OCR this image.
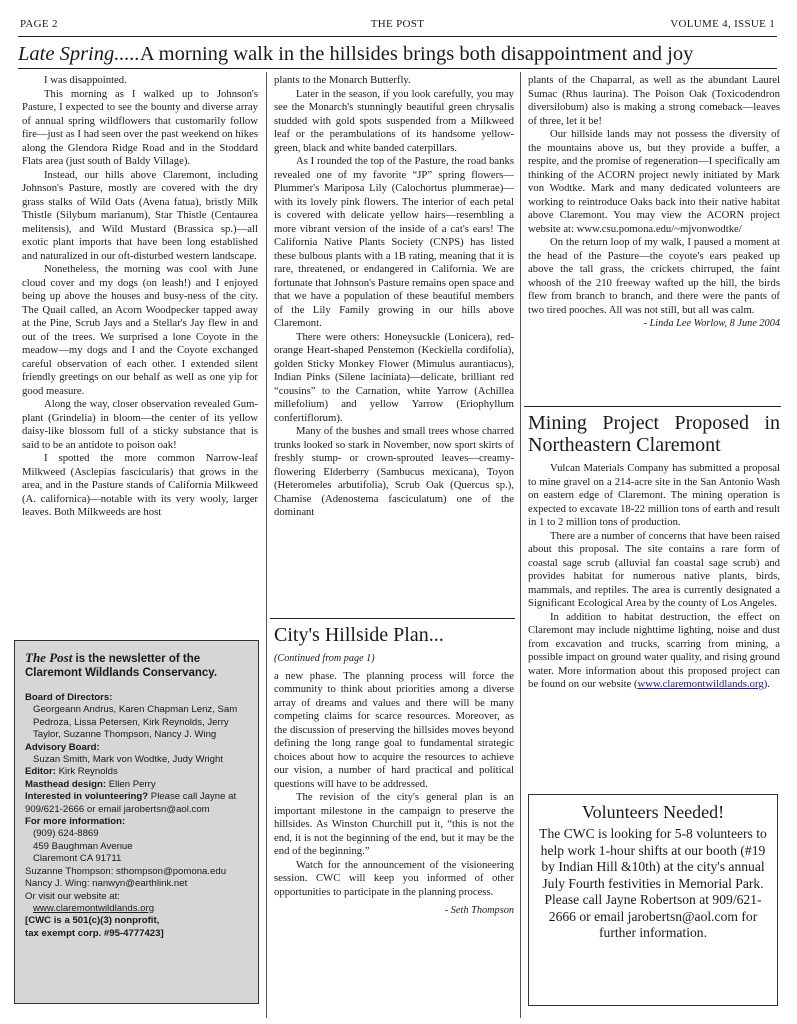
PAGE 2	THE POST	VOLUME 4, ISSUE 1
Late Spring.....A morning walk in the hillsides brings both disappointment and joy

I was disappointed.

This morning as I walked up to Johnson's Pasture, I expected to see the bounty and diverse array of annual spring wildflowers that customarily follow fire—just as I had seen over the past weekend on hikes along the Glendora Ridge Road and in the Stoddard Flats area (just south of Baldy Village).

Instead, our hills above Claremont, including Johnson's Pasture, mostly are covered with the dry grass stalks of Wild Oats (Avena fatua), bristly Milk Thistle (Silybum marianum), Star Thistle (Centaurea melitensis), and Wild Mustard (Brassica sp.)—all exotic plant imports that have been long established and naturalized in our oft-disturbed western landscape.

Nonetheless, the morning was cool with June cloud cover and my dogs (on leash!) and I enjoyed being up above the houses and busy-ness of the city. The Quail called, an Acorn Woodpecker tapped away at the Pine, Scrub Jays and a Stellar's Jay flew in and out of the trees. We surprised a lone Coyote in the meadow—my dogs and I and the Coyote exchanged careful observation of each other. I extended silent friendly greetings on our behalf as well as one yip for good measure.

Along the way, closer observation revealed Gum-plant (Grindelia) in bloom—the center of its yellow daisy-like blossom full of a sticky substance that is said to be an antidote to poison oak!

I spotted the more common Narrow-leaf Milkweed (Asclepias fascicularis) that grows in the area, and in the Pasture stands of California Milkweed (A. californica)—notable with its very wooly, larger leaves. Both Milkweeds are host

plants to the Monarch Butterfly.

Later in the season, if you look carefully, you may see the Monarch's stunningly beautiful green chrysalis studded with gold spots suspended from a Milkweed leaf or the perambulations of its handsome yellow-green, black and white banded caterpillars.

As I rounded the top of the Pasture, the road banks revealed one of my favorite “JP” spring flowers—Plummer's Mariposa Lily (Calochortus plummerae)—with its lovely pink flowers. The interior of each petal is covered with delicate yellow hairs—resembling a more vibrant version of the inside of a cat's ears! The California Native Plants Society (CNPS) has listed these bulbous plants with a 1B rating, meaning that it is rare, threatened, or endangered in California. We are fortunate that Johnson's Pasture remains open space and that we have a population of these beautiful members of the Lily Family growing in our hills above Claremont.

There were others: Honeysuckle (Lonicera), red-orange Heart-shaped Penstemon (Keckiella cordifolia), golden Sticky Monkey Flower (Mimulus aurantiacus), Indian Pinks (Silene laciniata)—delicate, brilliant red “cousins” to the Carnation, white Yarrow (Achillea millefolium) and yellow Yarrow (Eriophyllum confertiflorum).

Many of the bushes and small trees whose charred trunks looked so stark in November, now sport skirts of freshly stump- or crown-sprouted leaves—creamy-flowering Elderberry (Sambucus mexicana), Toyon (Heteromeles arbutifolia), Scrub Oak (Quercus sp.), Chamise (Adenostema fasciculatum) one of the dominant

City's Hillside Plan...

(Continued from page 1)

a new phase. The planning process will force the community to think about priorities among a diverse array of dreams and values and there will be many competing claims for scarce resources. Moreover, as the discussion of preserving the hillsides moves beyond defining the long range goal to fundamental strategic choices about how to acquire the resources to achieve our vision, a number of hard practical and political questions will have to be addressed.

The revision of the city's general plan is an important milestone in the campaign to preserve the hillsides. As Winston Churchill put it, “this is not the end, it is not the beginning of the end, but it may be the end of the beginning.”

Watch for the announcement of the visioneering session. CWC will keep you informed of other opportunities to participate in the planning process.

- Seth Thompson

plants of the Chaparral, as well as the abundant Laurel Sumac (Rhus laurina). The Poison Oak (Toxicodendron diversilobum) also is making a strong comeback—leaves of three, let it be!

Our hillside lands may not possess the diversity of the mountains above us, but they provide a buffer, a respite, and the promise of regeneration—I specifically am thinking of the ACORN project newly initiated by Mark von Wodtke. Mark and many dedicated volunteers are working to reintroduce Oaks back into their native habitat above Claremont. You may view the ACORN project website at: www.csu.pomona.edu/~mjvonwodtke/

On the return loop of my walk, I paused a moment at the head of the Pasture—the coyote's ears peaked up above the tall grass, the crickets chirruped, the faint whoosh of the 210 freeway wafted up the hill, the birds flew from branch to branch, and there were the pants of two tired pooches. All was not still, but all was calm.

- Linda Lee Worlow, 8 June 2004

Mining Project Proposed in Northeastern Claremont

Vulcan Materials Company has submitted a proposal to mine gravel on a 214-acre site in the San Antonio Wash on eastern edge of Claremont. The mining operation is expected to excavate 18-22 million tons of earth and result in 1 to 2 million tons of production.

There are a number of concerns that have been raised about this proposal. The site contains a rare form of coastal sage scrub (alluvial fan coastal sage scrub) and provides habitat for numerous native plants, birds, mammals, and reptiles. The area is currently designated a Significant Ecological Area by the county of Los Angeles.

In addition to habitat destruction, the effect on Claremont may include nighttime lighting, noise and dust from excavation and trucks, scarring from mining, a possible impact on ground water quality, and rising ground water. More information about this proposed project can be found on our website (www.claremontwildlands.org).

The Post is the newsletter of the Claremont Wildlands Conservancy.
Board of Directors:
Georgeann Andrus, Karen Chapman Lenz, Sam Pedroza, Lissa Petersen, Kirk Reynolds, Jerry Taylor, Suzanne Thompson, Nancy J. Wing
Advisory Board:
Suzan Smith, Mark von Wodtke, Judy Wright
Editor: Kirk Reynolds
Masthead design: Ellen Perry
Interested in volunteering? Please call Jayne at 909/621-2666 or email jarobertsn@aol.com
For more information:
(909) 624-8869
459 Baughman Avenue
Claremont CA 91711
Suzanne Thompson: sthompson@pomona.edu
Nancy J. Wing: nanwyn@earthlink.net
Or visit our website at:
www.claremontwildlands.org
[CWC is a 501(c)(3) nonprofit,
tax exempt corp. #95-4777423]
Volunteers Needed!
The CWC is looking for 5-8 volunteers to help work 1-hour shifts at our booth (#19 by Indian Hill &10th) at the city's annual July Fourth festivities in Memorial Park.
Please call Jayne Robertson at 909/621-2666 or email jarobertsn@aol.com for further information.
